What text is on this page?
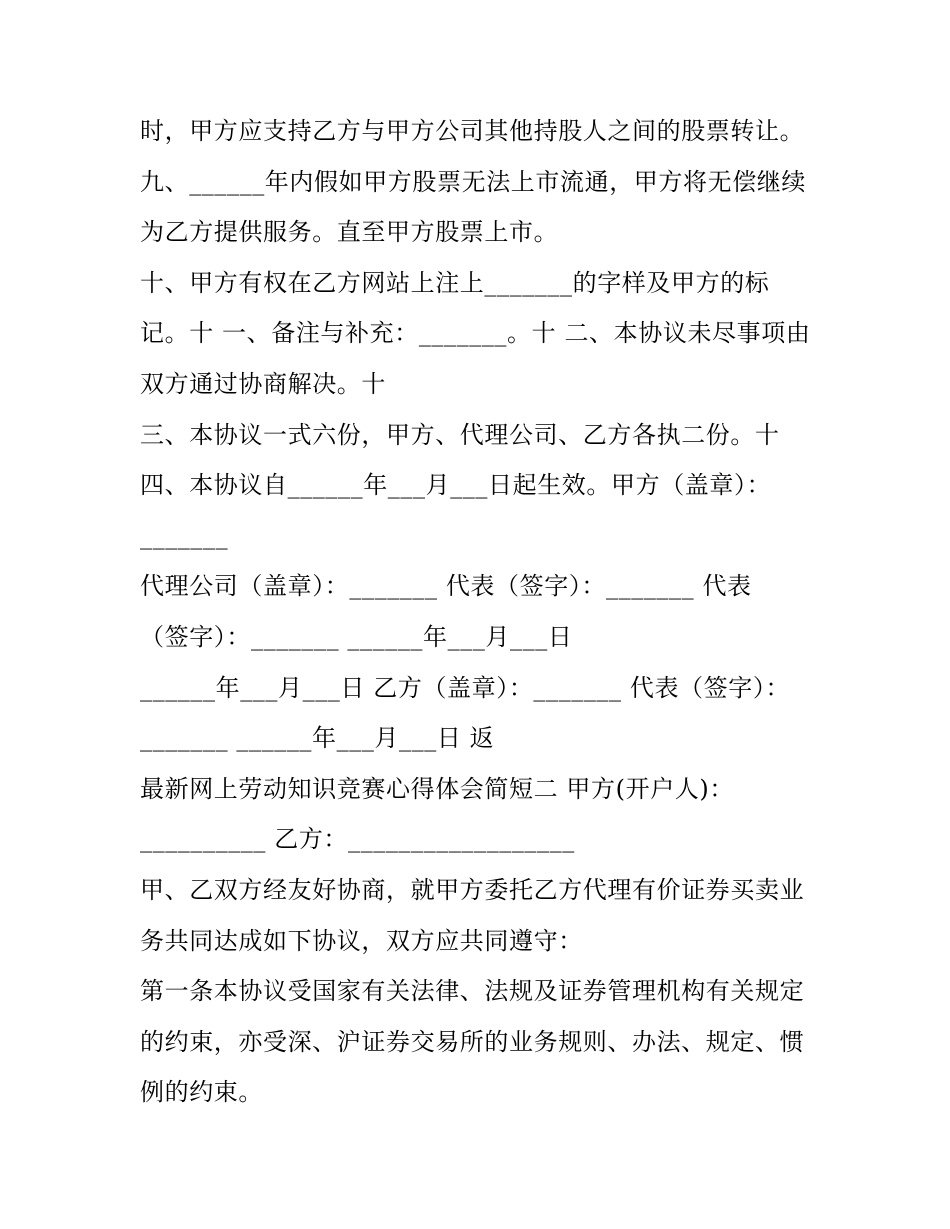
时，甲方应支持乙方与甲方公司其他持股人之间的股票转让。
九、______年内假如甲方股票无法上市流通，甲方将无偿继续
为乙方提供服务。直至甲方股票上市。
十、甲方有权在乙方网站上注上_______的字样及甲方的标
记。十 一、备注与补充：_______。十 二、本协议未尽事项由
双方通过协商解决。十
三、本协议一式六份，甲方、代理公司、乙方各执二份。十
四、本协议自______年___月___日起生效。甲方（盖章）：
_______
代理公司（盖章）：_______ 代表（签字）：_______ 代表
（签字）：_______ ______年___月___日
______年___月___日 乙方（盖章）：_______ 代表（签字）：
_______ ______年___月___日 返
最新网上劳动知识竞赛心得体会简短二 甲方(开户人)：
__________ 乙方：__________________
甲、乙双方经友好协商，就甲方委托乙方代理有价证券买卖业
务共同达成如下协议，双方应共同遵守：
第一条本协议受国家有关法律、法规及证券管理机构有关规定
的约束，亦受深、沪证券交易所的业务规则、办法、规定、惯
例的约束。
